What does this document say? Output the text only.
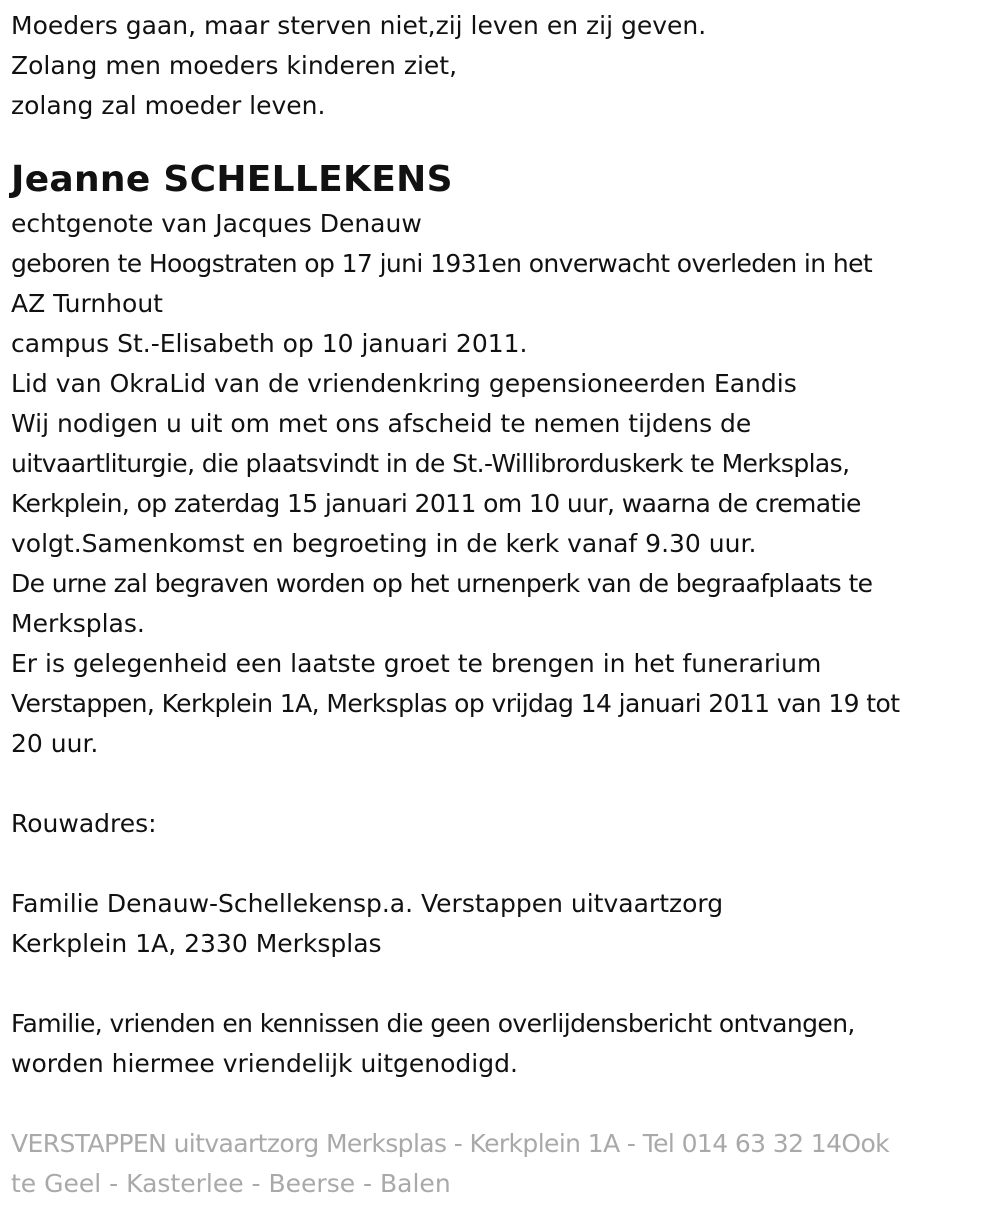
Moeders gaan, maar sterven niet,zij leven en zij geven.
Zolang men moeders kinderen ziet,
zolang zal moeder leven.
Jeanne SCHELLEKENS
echtgenote van Jacques Denauw
geboren te Hoogstraten op 17 juni 1931en onverwacht overleden in het
AZ Turnhout
campus St.-Elisabeth op 10 januari 2011.
Lid van OkraLid van de vriendenkring gepensioneerden Eandis
Wij nodigen u uit om met ons afscheid te nemen tijdens de
uitvaartliturgie, die plaatsvindt in de St.-Willibrorduskerk te Merksplas,
Kerkplein, op zaterdag 15 januari 2011 om 10 uur, waarna de crematie
volgt.Samenkomst en begroeting in de kerk vanaf 9.30 uur.
De urne zal begraven worden op het urnenperk van de begraafplaats te
Merksplas.
Er is gelegenheid een laatste groet te brengen in het funerarium
Verstappen, Kerkplein 1A, Merksplas op vrijdag 14 januari 2011 van 19 tot
20 uur.
Rouwadres:
Familie Denauw-Schellekensp.a. Verstappen uitvaartzorg
Kerkplein 1A, 2330 Merksplas
Familie, vrienden en kennissen die geen overlijdensbericht ontvangen,
worden hiermee vriendelijk uitgenodigd.
VERSTAPPEN uitvaartzorg Merksplas - Kerkplein 1A - Tel 014 63 32 14Ook
te Geel - Kasterlee - Beerse - Balen
